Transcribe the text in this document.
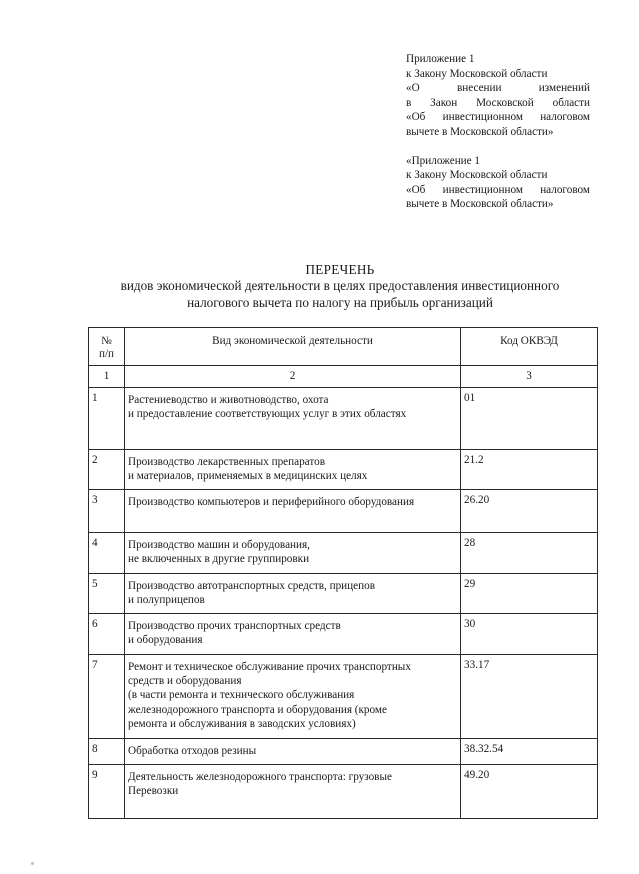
Приложение 1
к Закону Московской области
«О внесении изменений
в Закон Московской области
«Об инвестиционном налоговом
вычете в Московской области»
«Приложение 1
к Закону Московской области
«Об инвестиционном налоговом
вычете в Московской области»
ПЕРЕЧЕНЬ
видов экономической деятельности в целях предоставления инвестиционного
налогового вычета по налогу на прибыль организаций
№
п/п	Вид экономической деятельности	Код ОКВЭД
1	2	3
1	Растениеводство и животноводство, охота
и предоставление соответствующих услуг в этих областях	01
2	Производство лекарственных препаратов
и материалов, применяемых в медицинских целях	21.2
3	Производство компьютеров и периферийного оборудования	26.20
4	Производство машин и оборудования,
не включенных в другие группировки	28
5	Производство автотранспортных средств, прицепов
и полуприцепов	29
6	Производство прочих транспортных средств
и оборудования	30
7	Ремонт и техническое обслуживание прочих транспортных
средств и оборудования
(в части ремонта и технического обслуживания
железнодорожного транспорта и оборудования (кроме
ремонта и обслуживания в заводских условиях)	33.17
8	Обработка отходов резины	38.32.54
9	Деятельность железнодорожного транспорта: грузовые
Перевозки	49.20
